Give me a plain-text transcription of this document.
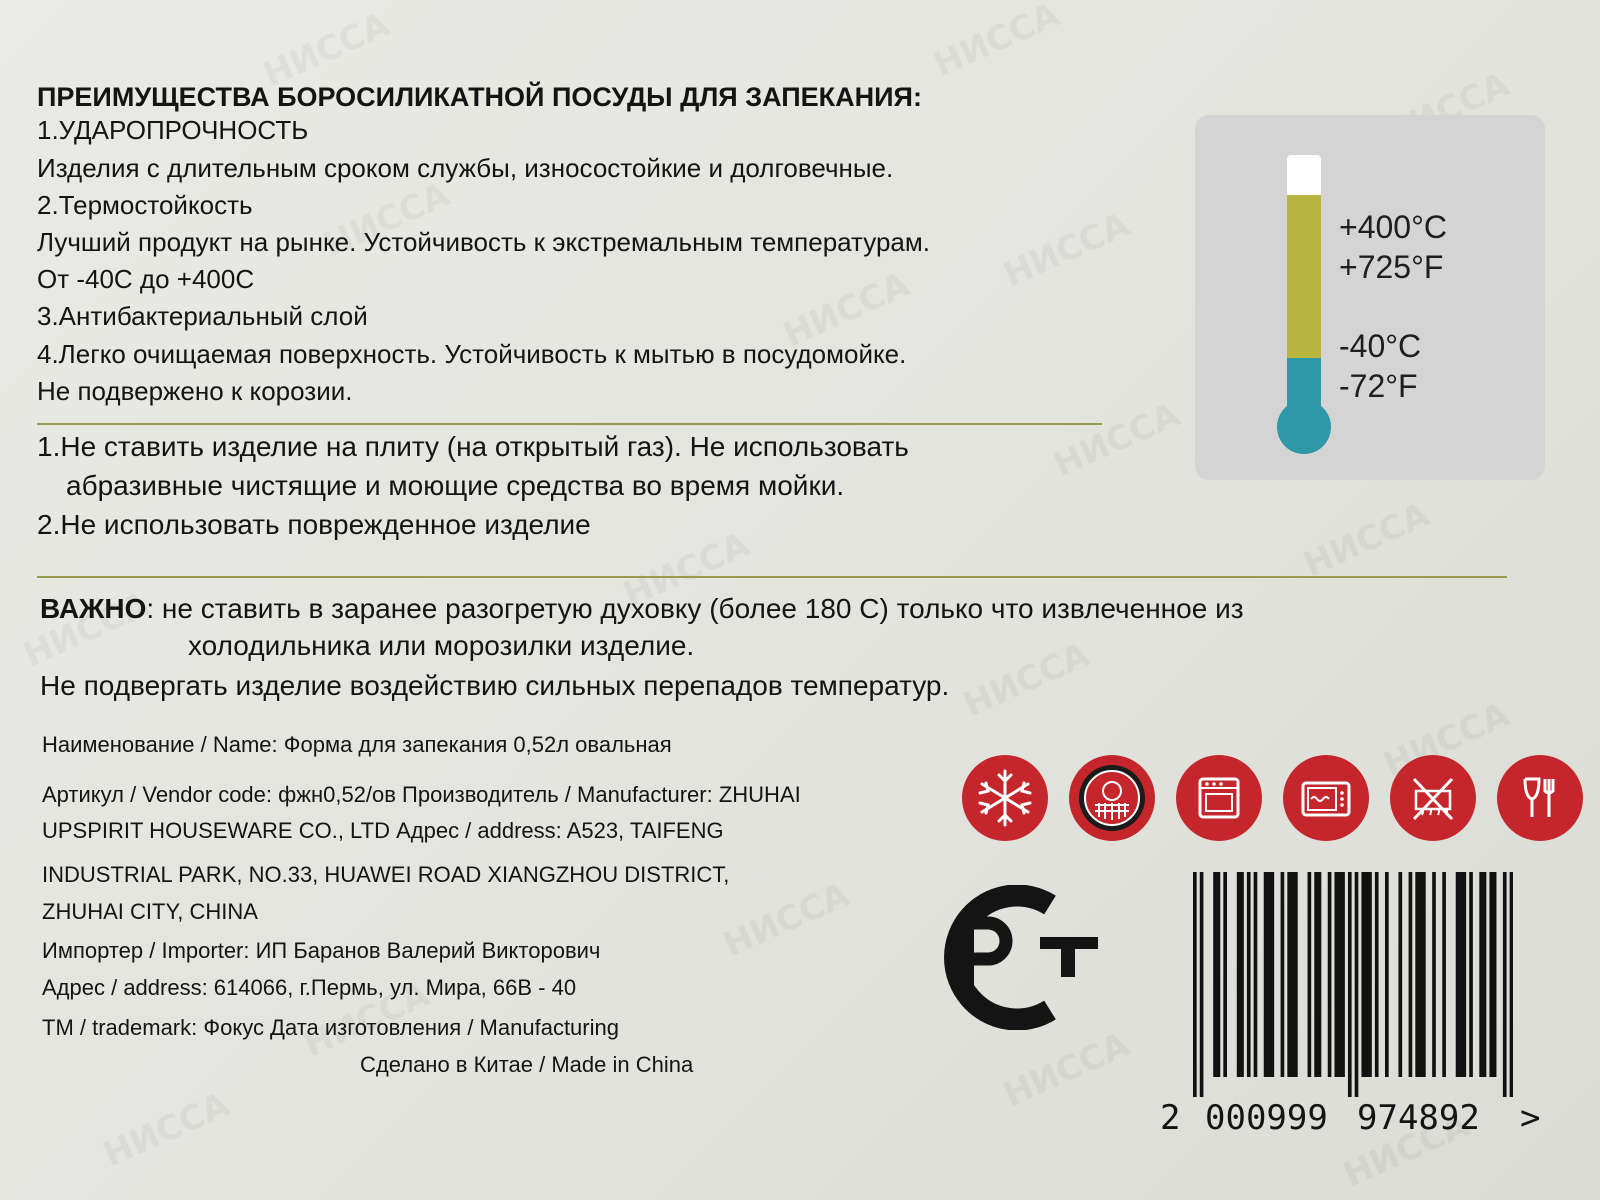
ПРЕИМУЩЕСТВА БОРОСИЛИКАТНОЙ ПОСУДЫ ДЛЯ ЗАПЕКАНИЯ:
1.УДАРОПРОЧНОСТЬ
Изделия с длительным сроком службы, износостойкие и долговечные.
2.Термостойкость
Лучший продукт на рынке. Устойчивость к экстремальным температурам.
От -40С до +400С
3.Антибактериальный слой
4.Легко очищаемая поверхность. Устойчивость к мытью в посудомойке.
Не подвержено к корозии.
+400°C
+725°F
-40°C
-72°F
1.Не ставить изделие на плиту (на открытый газ). Не использовать
абразивные чистящие и моющие средства во время мойки.
2.Не использовать поврежденное изделие
ВАЖНО: не ставить в заранее разогретую духовку (более 180 С) только что извлеченное из
холодильника или морозилки изделие.
Не подвергать изделие воздействию сильных перепадов температур.
Наименование / Name: Форма для запекания 0,52л овальная
Артикул / Vendor code: фжн0,52/ов Производитель / Manufacturer: ZHUHAI
UPSPIRIT HOUSEWARE CO., LTD Адрес / address: A523, TAIFENG
INDUSTRIAL PARK, NO.33, HUAWEI ROAD XIANGZHOU DISTRICT,
ZHUHAI CITY, CHINA
Импортер / Importer: ИП Баранов Валерий Викторович
Адрес / address: 614066, г.Пермь, ул. Мира, 66В - 40
TM / trademark: Фокус Дата изготовления / Manufacturing
Сделано в Китае / Made in China
2 000999 974892 >
